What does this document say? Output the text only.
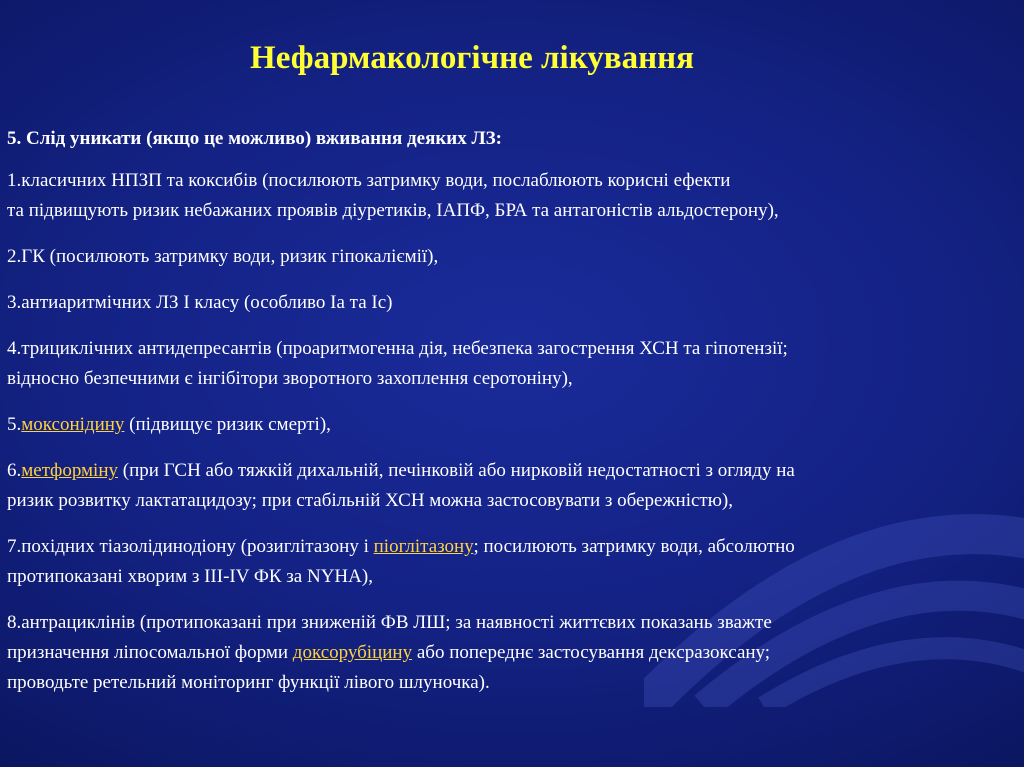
Нефармакологічне лікування

5. Слід уникати (якщо це можливо) вживання деяких ЛЗ:

1.класичних НПЗП та коксибів (посилюють затримку води, послаблюють корисні ефекти
та підвищують ризик небажаних проявів діуретиків, ІАПФ, БРА та антагоністів альдостерону),

2.ГК (посилюють затримку води, ризик гіпокаліємії),

3.антиаритмічних ЛЗ І класу (особливо Іа та Іс)

4.трициклічних антидепресантів (проаритмогенна дія, небезпека загострення ХСН та гіпотензії;
відносно безпечними є інгібітори зворотного захоплення серотоніну),

5.моксонідину (підвищує ризик смерті),

6.метформіну (при ГСН або тяжкій дихальній, печінковій або нирковій недостатності з огляду на
ризик розвитку лактатацидозу; при стабільній ХСН можна застосовувати з обережністю),

7.похідних тіазолідинодіону (розиглітазону і піоглітазону; посилюють затримку води, абсолютно
протипоказані хворим з ІІІ-IV ФК за NYHA),

8.антрациклінів (протипоказані при зниженій ФВ ЛШ; за наявності життєвих показань зважте
призначення ліпосомальної форми доксорубіцину або попереднє застосування декcразоксану;
проводьте ретельний моніторинг функції лівого шлуночка).
